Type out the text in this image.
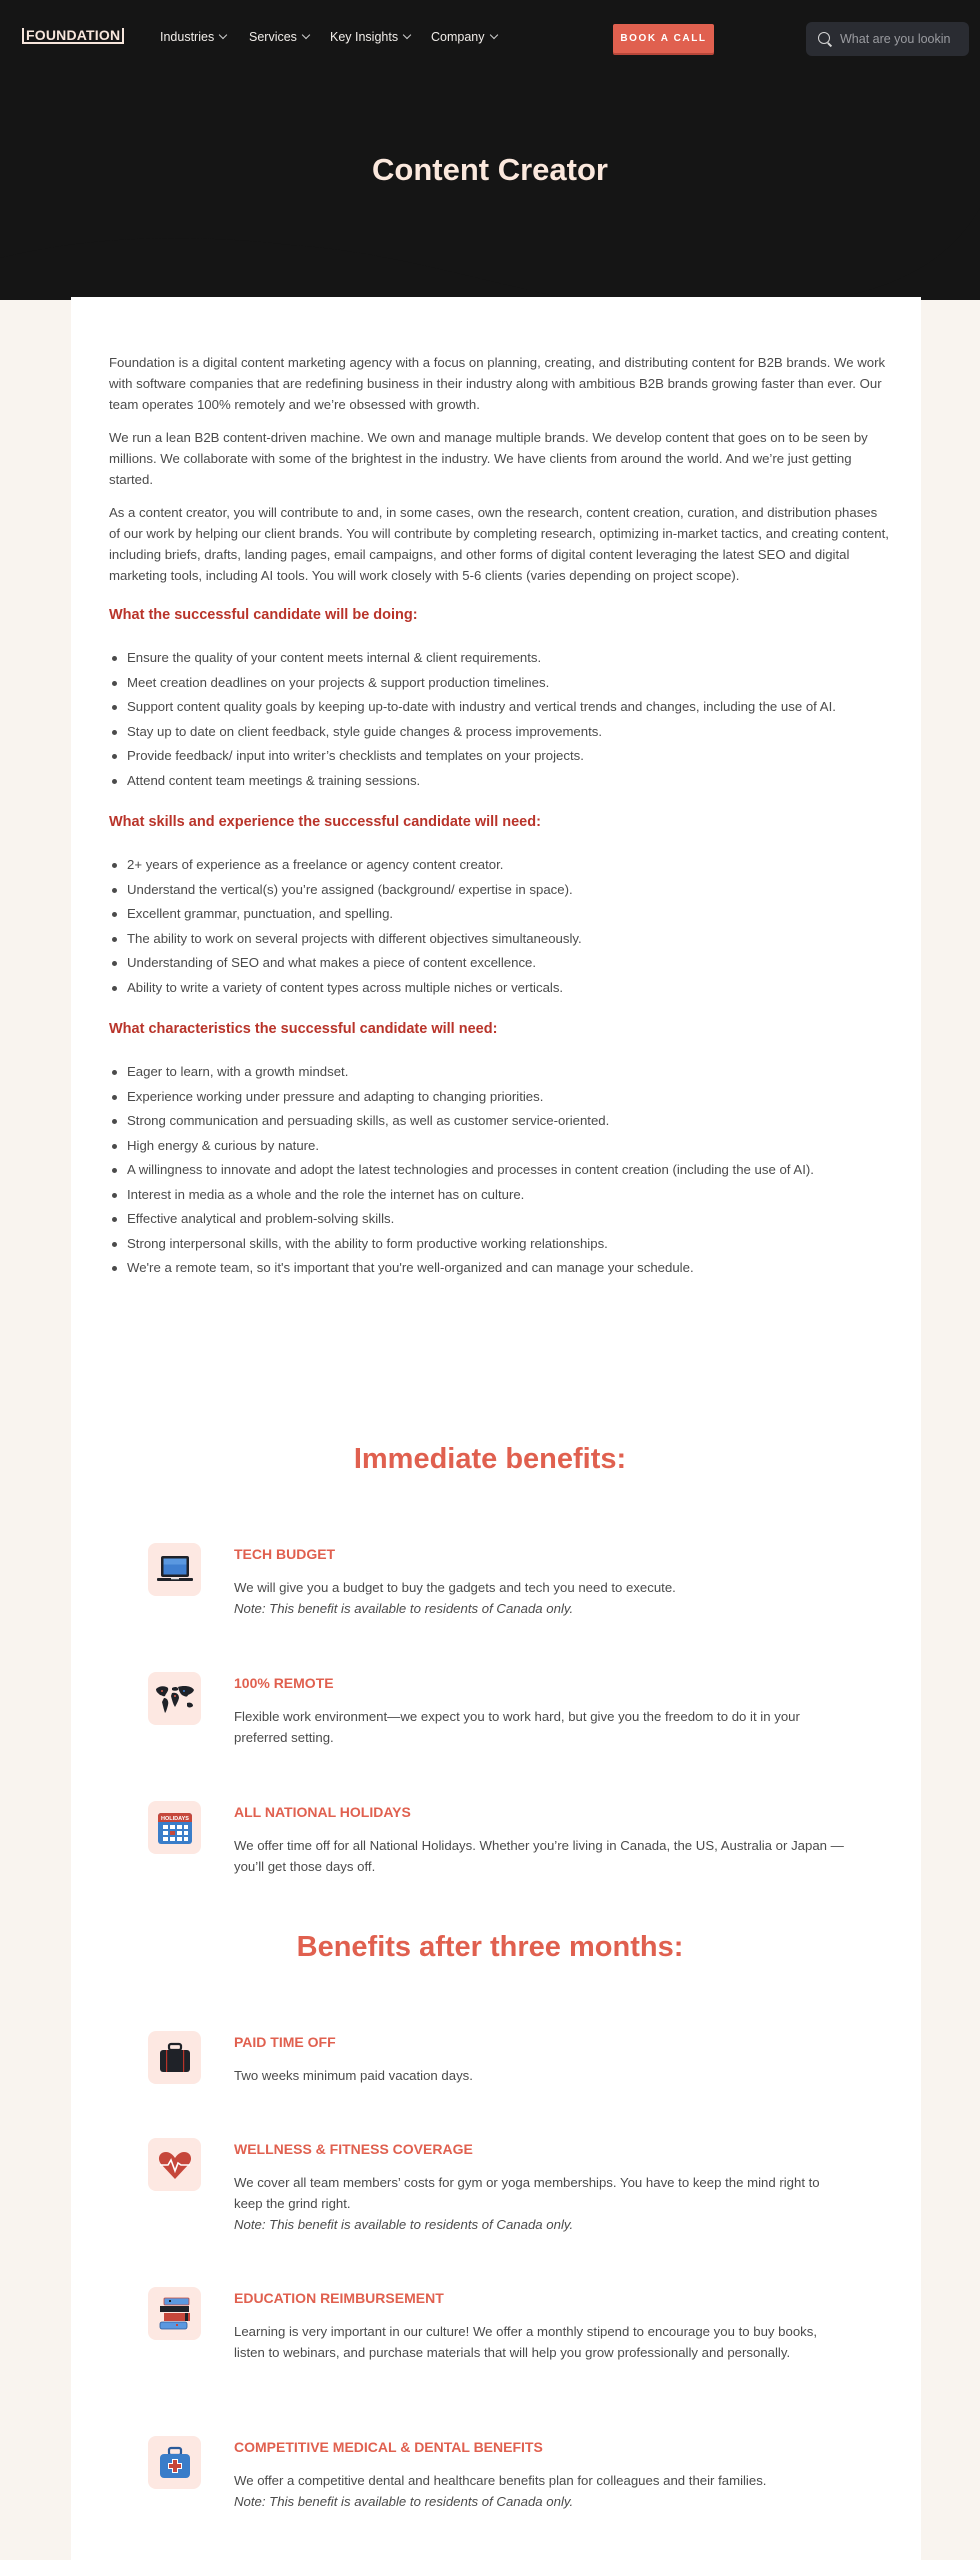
FOUNDATION	Industries	Services	Key Insights	Company	BOOK A CALL
What are you looking for?
Content Creator

Foundation is a digital content marketing agency with a focus on planning, creating, and distributing content for B2B brands. We work with software companies that are redefining business in their industry along with ambitious B2B brands growing faster than ever. Our team operates 100% remotely and we’re obsessed with growth.

We run a lean B2B content-driven machine. We own and manage multiple brands. We develop content that goes on to be seen by millions. We collaborate with some of the brightest in the industry. We have clients from around the world. And we’re just getting started.

As a content creator, you will contribute to and, in some cases, own the research, content creation, curation, and distribution phases of our work by helping our client brands. You will contribute by completing research, optimizing in-market tactics, and creating content, including briefs, drafts, landing pages, email campaigns, and other forms of digital content leveraging the latest SEO and digital marketing tools, including AI tools. You will work closely with 5-6 clients (varies depending on project scope).

What the successful candidate will be doing:
Ensure the quality of your content meets internal & client requirements.
Meet creation deadlines on your projects & support production timelines.
Support content quality goals by keeping up-to-date with industry and vertical trends and changes, including the use of AI.
Stay up to date on client feedback, style guide changes & process improvements.
Provide feedback/ input into writer’s checklists and templates on your projects.
Attend content team meetings & training sessions.
What skills and experience the successful candidate will need:
2+ years of experience as a freelance or agency content creator.
Understand the vertical(s) you’re assigned (background/ expertise in space).
Excellent grammar, punctuation, and spelling.
The ability to work on several projects with different objectives simultaneously.
Understanding of SEO and what makes a piece of content excellence.
Ability to write a variety of content types across multiple niches or verticals.
What characteristics the successful candidate will need:
Eager to learn, with a growth mindset.
Experience working under pressure and adapting to changing priorities.
Strong communication and persuading skills, as well as customer service-oriented.
High energy & curious by nature.
A willingness to innovate and adopt the latest technologies and processes in content creation (including the use of AI).
Interest in media as a whole and the role the internet has on culture.
Effective analytical and problem-solving skills.
Strong interpersonal skills, with the ability to form productive working relationships.
We're a remote team, so it's important that you're well-organized and can manage your schedule.
Immediate benefits:
TECH BUDGET
We will give you a budget to buy the gadgets and tech you need to execute.
Note: This benefit is available to residents of Canada only.
100% REMOTE
Flexible work environment—we expect you to work hard, but give you the freedom to do it in your preferred setting.
HOLIDAYS	ALL NATIONAL HOLIDAYS
We offer time off for all National Holidays. Whether you’re living in Canada, the US, Australia or Japan — you’ll get those days off.
Benefits after three months:
PAID TIME OFF
Two weeks minimum paid vacation days.
WELLNESS & FITNESS COVERAGE
We cover all team members’ costs for gym or yoga memberships. You have to keep the mind right to keep the grind right.
Note: This benefit is available to residents of Canada only.
EDUCATION REIMBURSEMENT
Learning is very important in our culture! We offer a monthly stipend to encourage you to buy books, listen to webinars, and purchase materials that will help you grow professionally and personally.
COMPETITIVE MEDICAL & DENTAL BENEFITS
We offer a competitive dental and healthcare benefits plan for colleagues and their families.
Note: This benefit is available to residents of Canada only.
